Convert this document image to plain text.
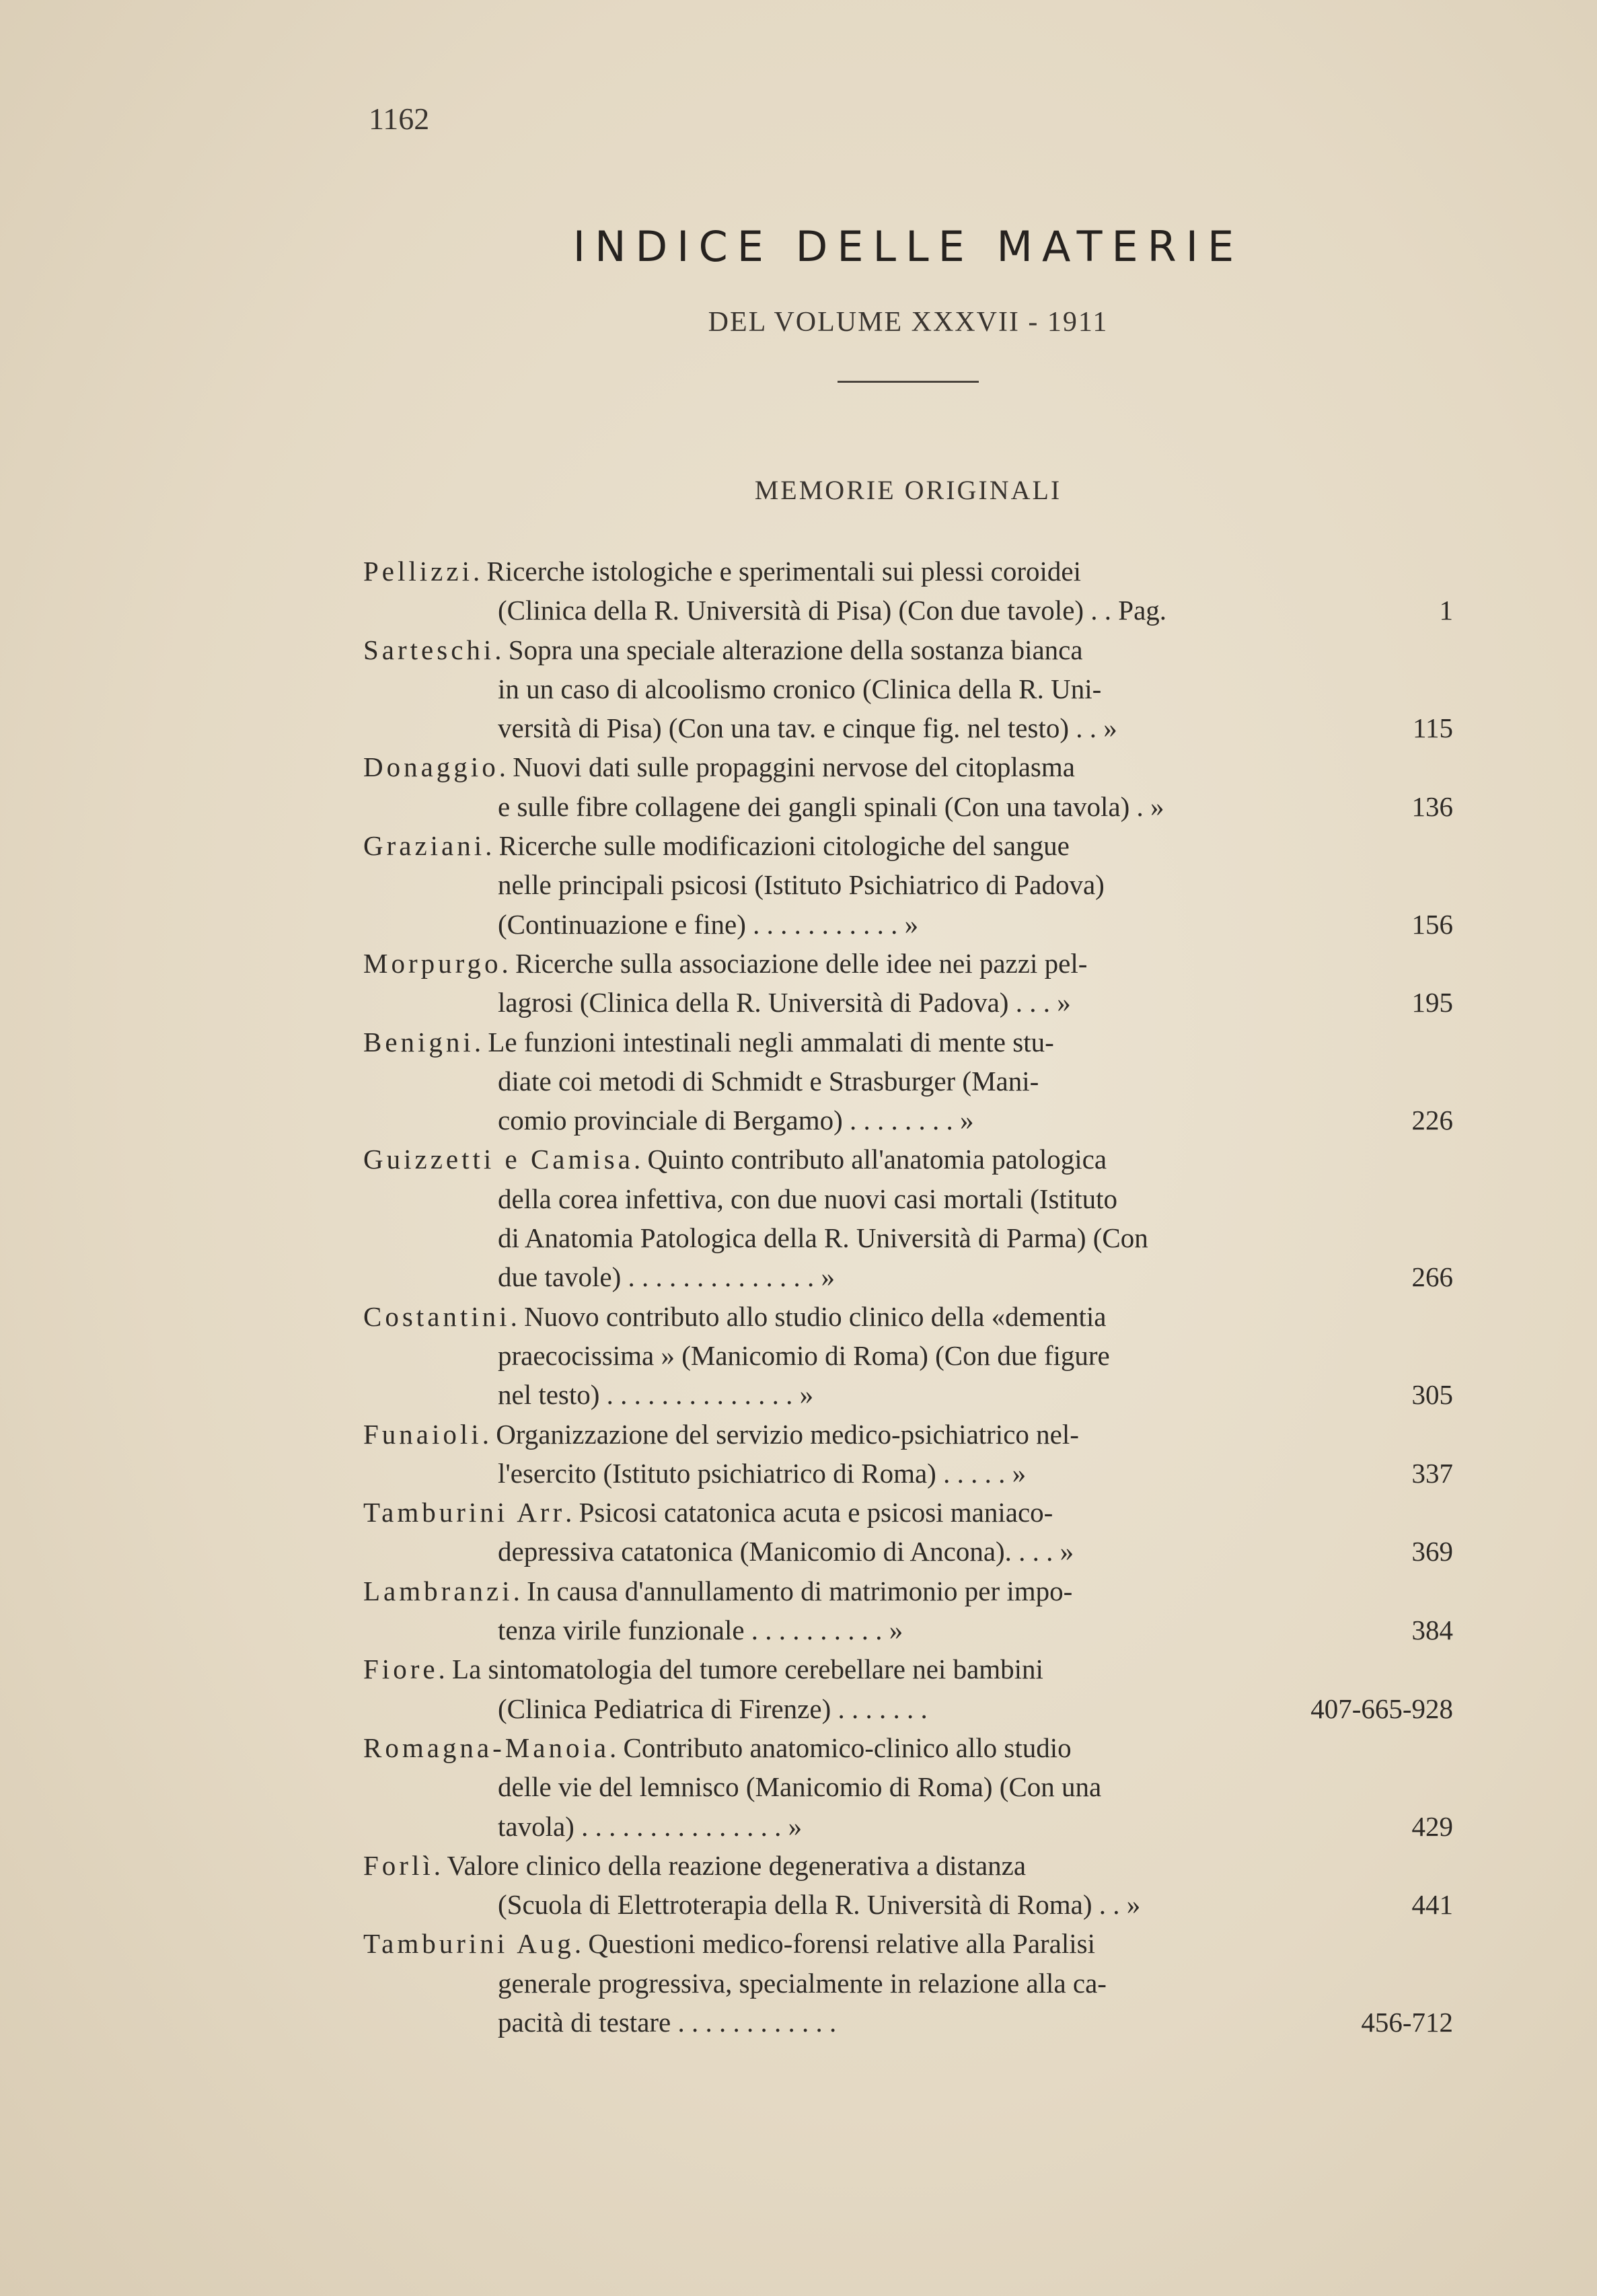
1162
INDICE DELLE MATERIE
DEL VOLUME XXXVII - 1911
MEMORIE ORIGINALI
Pellizzi. Ricerche istologiche e sperimentali sui plessi coroidei
(Clinica della R. Università di Pisa) (Con due tavole) . . Pag.	1
Sarteschi. Sopra una speciale alterazione della sostanza bianca
in un caso di alcoolismo cronico (Clinica della R. Uni-
versità di Pisa) (Con una tav. e cinque fig. nel testo) . . »	115
Donaggio. Nuovi dati sulle propaggini nervose del citoplasma
e sulle fibre collagene dei gangli spinali (Con una tavola) . »	136
Graziani. Ricerche sulle modificazioni citologiche del sangue
nelle principali psicosi (Istituto Psichiatrico di Padova)
(Continuazione e fine) . . . . . . . . . . . »	156
Morpurgo. Ricerche sulla associazione delle idee nei pazzi pel-
lagrosi (Clinica della R. Università di Padova) . . . »	195
Benigni. Le funzioni intestinali negli ammalati di mente stu-
diate coi metodi di Schmidt e Strasburger (Mani-
comio provinciale di Bergamo) . . . . . . . . »	226
Guizzetti e Camisa. Quinto contributo all'anatomia patologica
della corea infettiva, con due nuovi casi mortali (Istituto
di Anatomia Patologica della R. Università di Parma) (Con
due tavole) . . . . . . . . . . . . . . »	266
Costantini. Nuovo contributo allo studio clinico della «dementia
praecocissima » (Manicomio di Roma) (Con due figure
nel testo) . . . . . . . . . . . . . . »	305
Funaioli. Organizzazione del servizio medico-psichiatrico nel-
l'esercito (Istituto psichiatrico di Roma) . . . . . »	337
Tamburini Arr. Psicosi catatonica acuta e psicosi maniaco-
depressiva catatonica (Manicomio di Ancona). . . . »	369
Lambranzi. In causa d'annullamento di matrimonio per impo-
tenza virile funzionale . . . . . . . . . . »	384
Fiore. La sintomatologia del tumore cerebellare nei bambini
(Clinica Pediatrica di Firenze) . . . . . . .	407-665-928
Romagna-Manoia. Contributo anatomico-clinico allo studio
delle vie del lemnisco (Manicomio di Roma) (Con una
tavola) . . . . . . . . . . . . . . . »	429
Forlì. Valore clinico della reazione degenerativa a distanza
(Scuola di Elettroterapia della R. Università di Roma) . . »	441
Tamburini Aug. Questioni medico-forensi relative alla Paralisi
generale progressiva, specialmente in relazione alla ca-
pacità di testare . . . . . . . . . . . .	456-712
